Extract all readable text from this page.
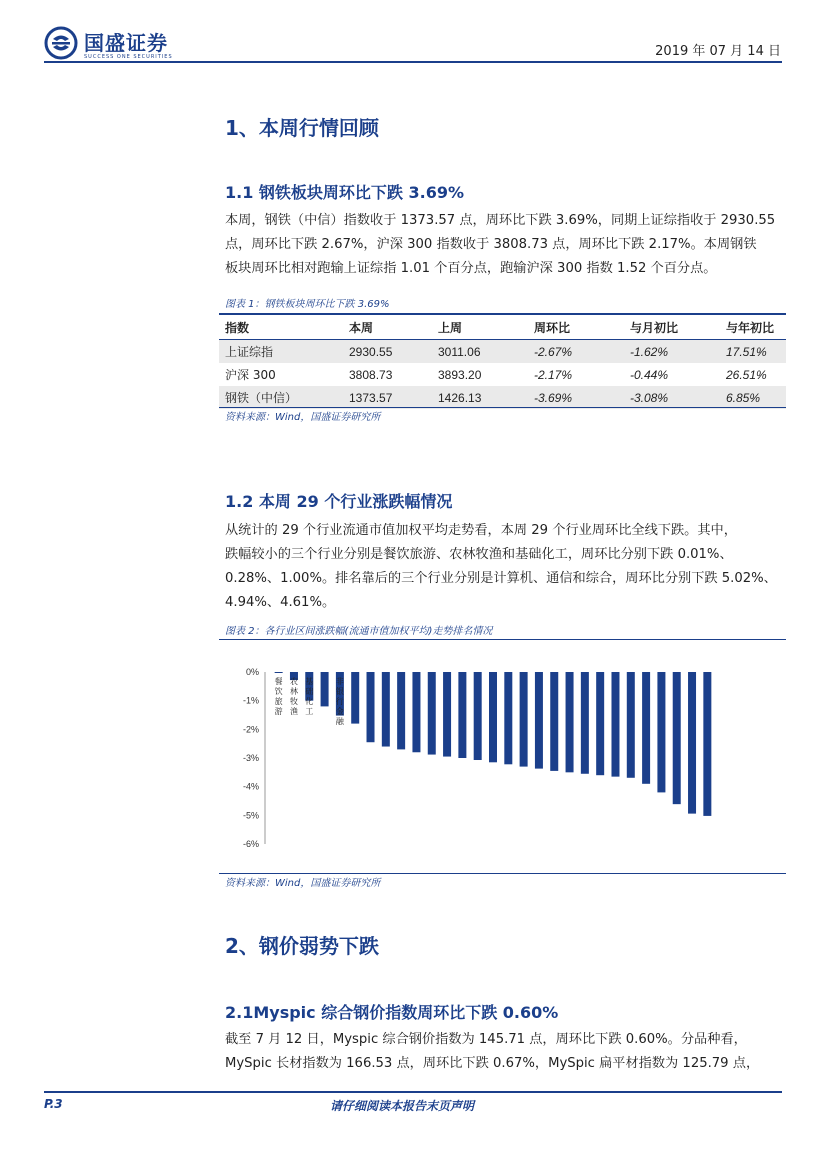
国盛证券
SUCCESS ONE SECURITIES	2019 年 07 月 14 日
1、本周行情回顾
1.1 钢铁板块周环比下跌 3.69%
本周，钢铁（中信）指数收于 1373.57 点，周环比下跌 3.69%，同期上证综指收于 2930.55
点，周环比下跌 2.67%，沪深 300 指数收于 3808.73 点，周环比下跌 2.17%。本周钢铁
板块周环比相对跑输上证综指 1.01 个百分点，跑输沪深 300 指数 1.52 个百分点。
图表 1：钢铁板块周环比下跌 3.69%
指数	本周	上周	周环比	与月初比	与年初比
上证综指	2930.55	3011.06	-2.67%	-1.62%	17.51%
沪深 300	3808.73	3893.20	-2.17%	-0.44%	26.51%
钢铁（中信）	1373.57	1426.13	-3.69%	-3.08%	6.85%
资料来源：Wind，国盛证券研究所
1.2 本周 29 个行业涨跌幅情况
从统计的 29 个行业流通市值加权平均走势看，本周 29 个行业周环比全线下跌。其中，
跌幅较小的三个行业分别是餐饮旅游、农林牧渔和基础化工，周环比分别下跌 0.01%、
0.28%、1.00%。排名靠后的三个行业分别是计算机、通信和综合，周环比分别下跌 5.02%、
4.94%、4.61%。
图表 2：各行业区间涨跌幅(流通市值加权平均)走势排名情况
0%
-1%
-2%
-3%
-4%
-5%
-6%
餐
饮
旅
游
农
林
牧
渔
基
础
化
工
非
银
行
金
融
资料来源：Wind，国盛证券研究所
2、钢价弱势下跌
2.1Myspic 综合钢价指数周环比下跌 0.60%
截至 7 月 12 日，Myspic 综合钢价指数为 145.71 点，周环比下跌 0.60%。分品种看，
MySpic 长材指数为 166.53 点，周环比下跌 0.67%，MySpic 扁平材指数为 125.79 点，
P.3	请仔细阅读本报告末页声明
